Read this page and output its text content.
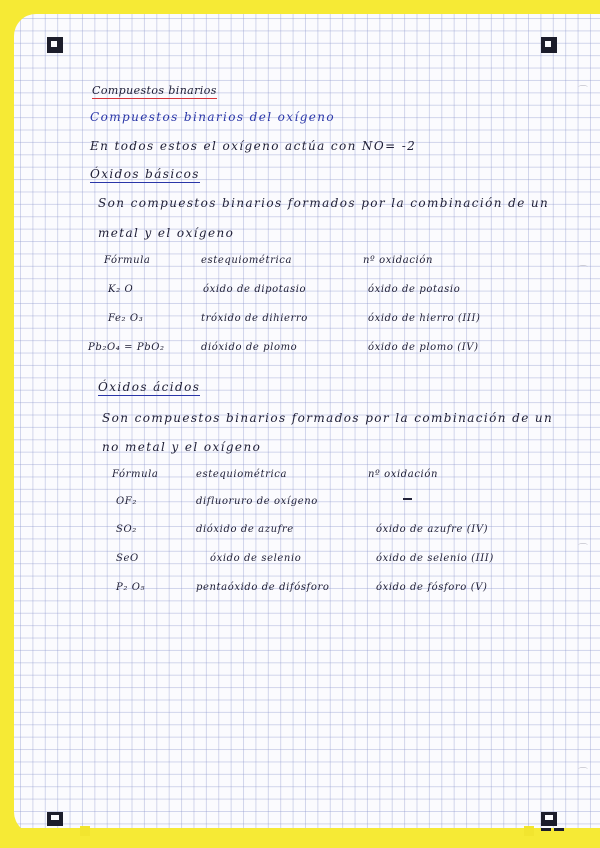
⌒
⌒
⌒
⌒
Compuestos binarios
Compuestos binarios del oxígeno
En todos estos el oxígeno actúa con NO= -2
Óxidos básicos
Son compuestos binarios formados por la combinación de un
metal y el oxígeno
Fórmula	estequiométrica	nº oxidación
K₂ O	óxido de dipotasio	óxido de potasio
Fe₂ O₃	tróxido de dihierro	óxido de hierro (III)
Pb₂O₄ = PbO₂	dióxido de plomo	óxido de plomo (IV)
Óxidos ácidos
Son compuestos binarios formados por la combinación de un
no metal y el oxígeno
Fórmula	estequiométrica	nº oxidación
OF₂	difluoruro de oxígeno
SO₂	dióxido de azufre	óxido de azufre (IV)
SeO	óxido de selenio	óxido de selenio (III)
P₂ O₅	pentaóxido de difósforo	óxido de fósforo (V)
